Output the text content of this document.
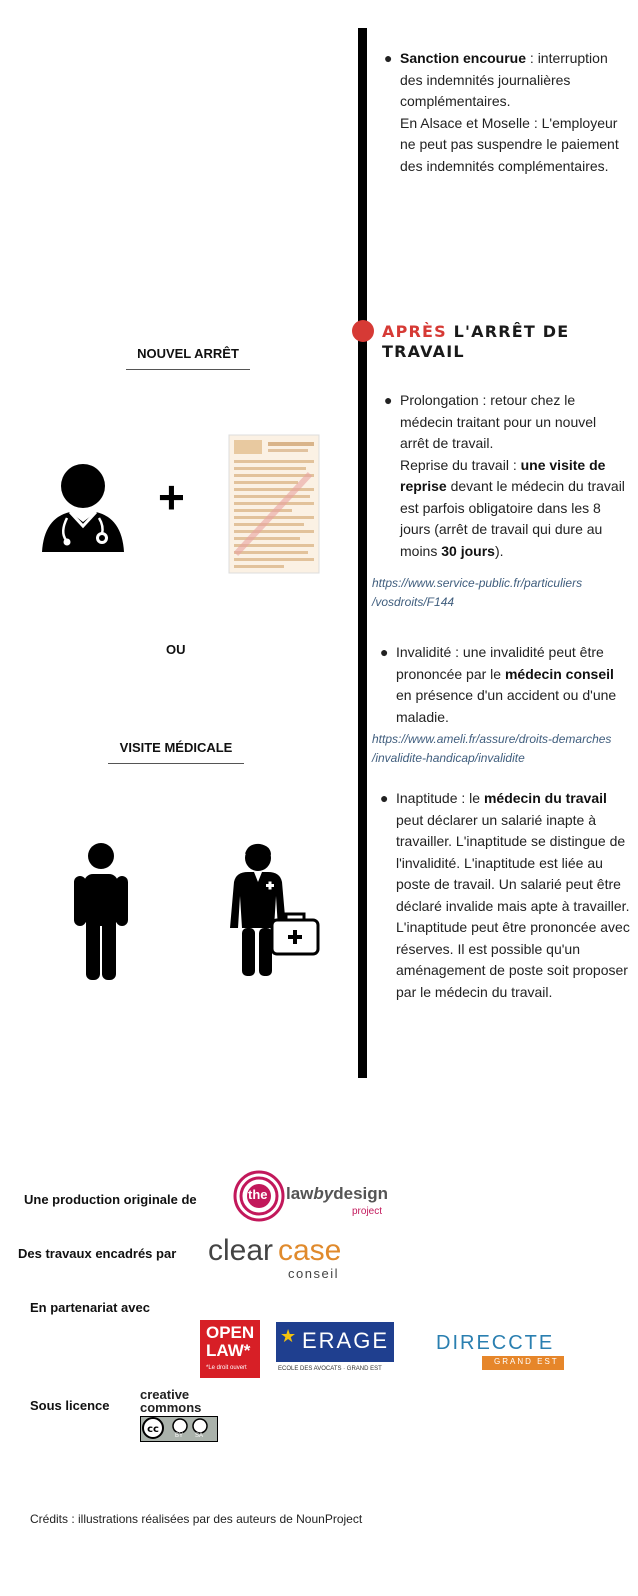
● Sanction encourue : interruption des indemnités journalières complémentaires.
En Alsace et Moselle : L'employeur ne peut pas suspendre le paiement des indemnités complémentaires.
APRÈS L'ARRÊT DE TRAVAIL
● Prolongation : retour chez le médecin traitant pour un nouvel arrêt de travail.
Reprise du travail : une visite de reprise devant le médecin du travail est parfois obligatoire dans les 8 jours (arrêt de travail qui dure au moins 30 jours).
https://www.service-public.fr/particuliers
/vosdroits/F144
● Invalidité : une invalidité peut être prononcée par le médecin conseil en présence d'un accident ou d'une maladie.
https://www.ameli.fr/assure/droits-demarches
/invalidite-handicap/invalidite
● Inaptitude : le médecin du travail peut déclarer un salarié inapte à travailler. L'inaptitude se distingue de l'invalidité. L'inaptitude est liée au poste de travail. Un salarié peut être déclaré invalide mais apte à travailler. L'inaptitude peut être prononcée avec réserves. Il est possible qu'un aménagement de poste soit proposer par le médecin du travail.
NOUVEL ARRÊT
OU
VISITE MÉDICALE
+
Une production originale de	the lawbydesign
project
Des travaux encadrés par clear case
conseil
En partenariat avec
OPEN
LAW*
*Le droit ouvert
★ ERAGE
ECOLE DES AVOCATS · GRAND EST
DIRECCTE
GRAND EST
Sous licence
creative
commons
cc
BY SA
Crédits : illustrations réalisées par des auteurs de NounProject
